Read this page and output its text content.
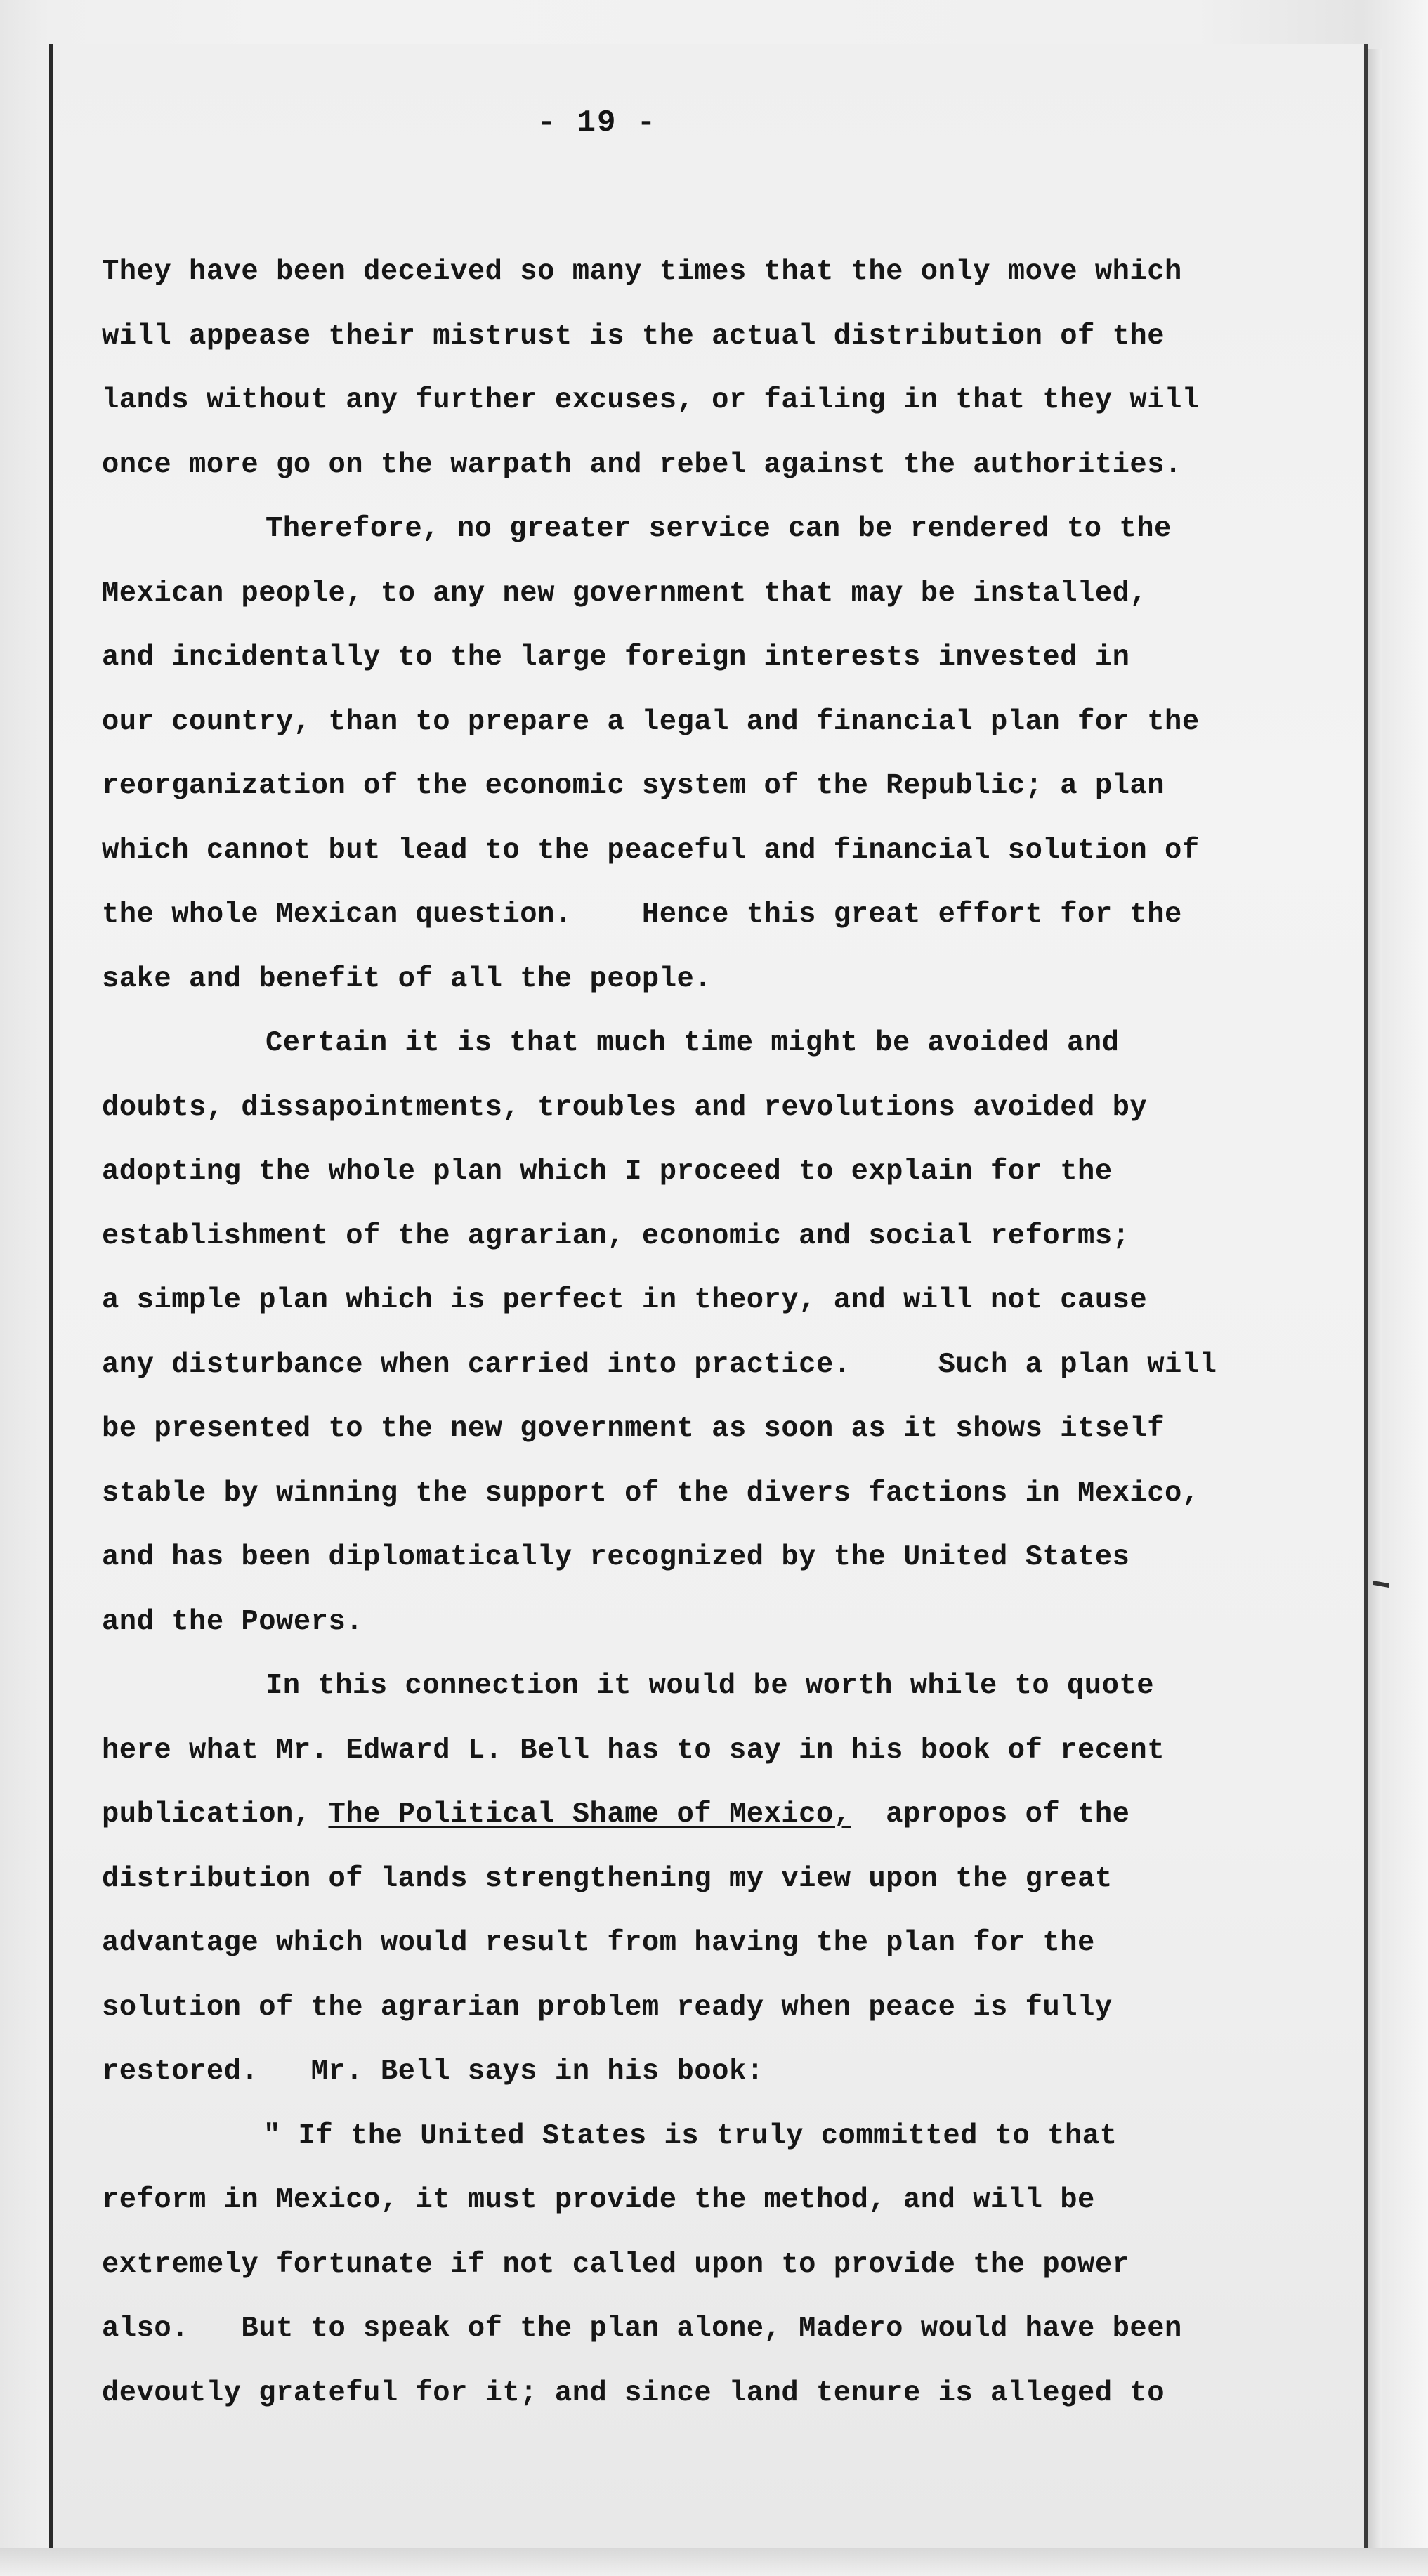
- 19 -
They have been deceived so many times that the only move which
will appease their mistrust is the actual distribution of the
lands without any further excuses, or failing in that they will
once more go on the warpath and rebel against the authorities.
Therefore, no greater service can be rendered to the
Mexican people, to any new government that may be installed,
and incidentally to the large foreign interests invested in
our country, than to prepare a legal and financial plan for the
reorganization of the economic system of the Republic; a plan
which cannot but lead to the peaceful and financial solution of
the whole Mexican question.    Hence this great effort for the
sake and benefit of all the people.
Certain it is that much time might be avoided and
doubts, dissapointments, troubles and revolutions avoided by
adopting the whole plan which I proceed to explain for the
establishment of the agrarian, economic and social reforms;
a simple plan which is perfect in theory, and will not cause
any disturbance when carried into practice.     Such a plan will
be presented to the new government as soon as it shows itself
stable by winning the support of the divers factions in Mexico,
and has been diplomatically recognized by the United States
and the Powers.
In this connection it would be worth while to quote
here what Mr. Edward L. Bell has to say in his book of recent
publication, The Political Shame of Mexico,  apropos of the
distribution of lands strengthening my view upon the great
advantage which would result from having the plan for the
solution of the agrarian problem ready when peace is fully
restored.   Mr. Bell says in his book:
" If the United States is truly committed to that
reform in Mexico, it must provide the method, and will be
extremely fortunate if not called upon to provide the power
also.   But to speak of the plan alone, Madero would have been
devoutly grateful for it; and since land tenure is alleged to
